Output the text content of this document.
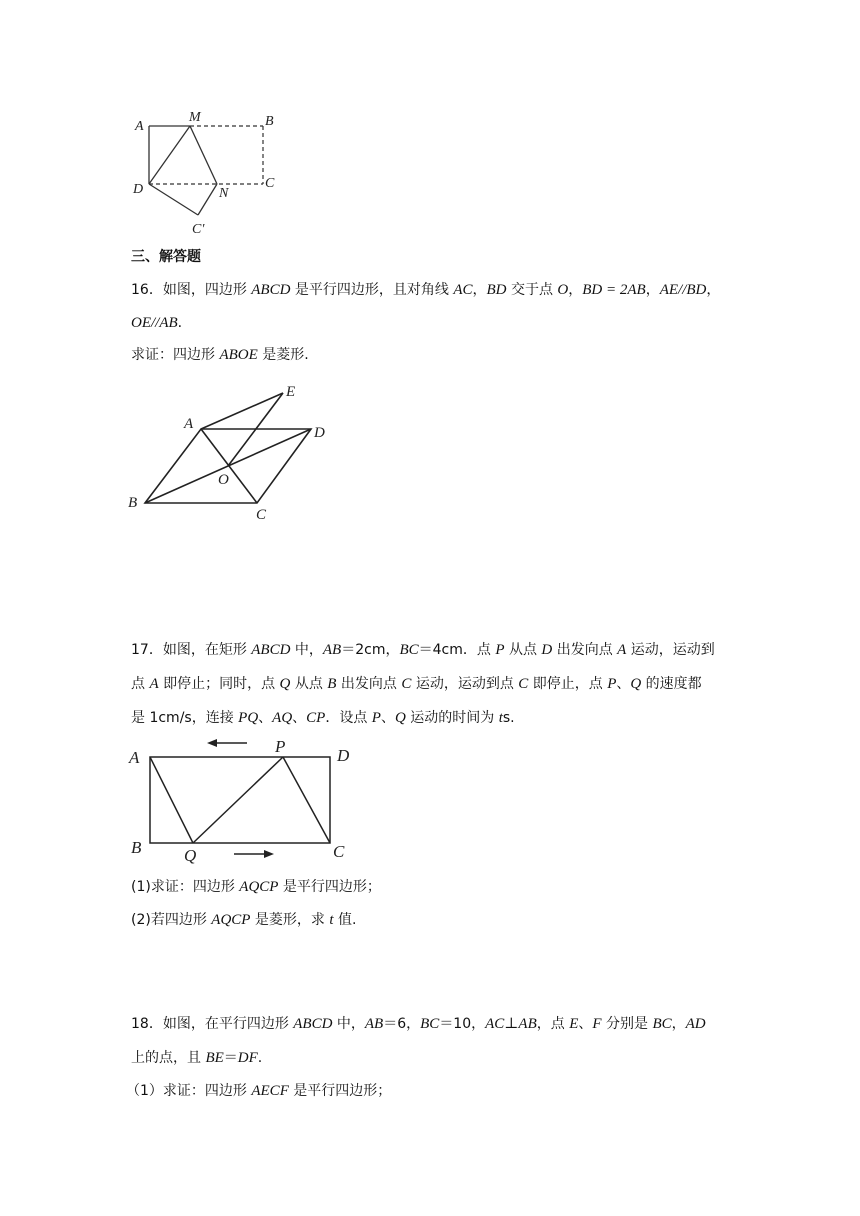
A
M	B
D	N
C
C′
三、解答题
16．如图，四边形 ABCD 是平行四边形，且对角线 AC，BD 交于点 O，BD = 2AB，AE//BD，
OE//AB.
求证：四边形 ABOE 是菱形.
A
E
D
O
B
C
17．如图，在矩形 ABCD 中，AB＝2cm，BC＝4cm．点 P 从点 D 出发向点 A 运动，运动到
点 A 即停止；同时，点 Q 从点 B 出发向点 C 运动，运动到点 C 即停止，点 P、Q 的速度都
是 1cm/s，连接 PQ、AQ、CP．设点 P、Q 运动的时间为 ts.
A
P	D
B	Q	C
(1)求证：四边形 AQCP 是平行四边形；
(2)若四边形 AQCP 是菱形，求 t 值.
18．如图，在平行四边形 ABCD 中，AB＝6，BC＝10，AC⊥AB，点 E、F 分别是 BC，AD
上的点，且 BE＝DF.
（1）求证：四边形 AECF 是平行四边形；
